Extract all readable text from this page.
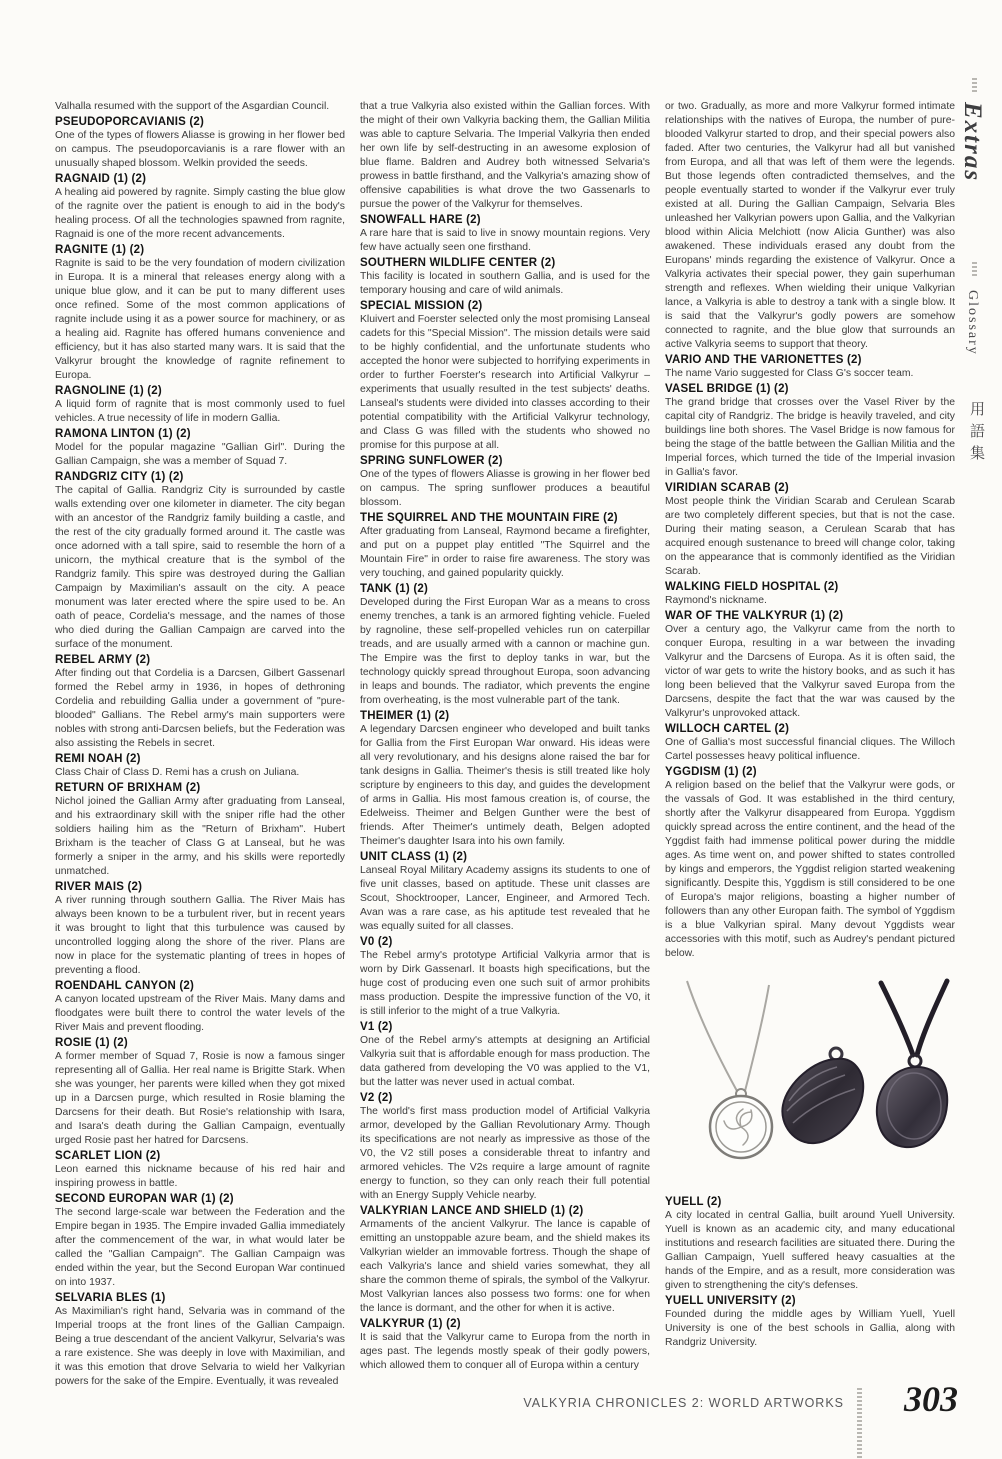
Valhalla resumed with the support of the Asgardian Council.

PSEUDOPORCAVIANIS (2)

One of the types of flowers Aliasse is growing in her flower bed on campus. The pseudoporcavianis is a rare flower with an unusually shaped blossom. Welkin provided the seeds.

RAGNAID (1) (2)

A healing aid powered by ragnite. Simply casting the blue glow of the ragnite over the patient is enough to aid in the body's healing process. Of all the technologies spawned from ragnite, Ragnaid is one of the more recent advancements.

RAGNITE (1) (2)

Ragnite is said to be the very foundation of modern civilization in Europa. It is a mineral that releases energy along with a unique blue glow, and it can be put to many different uses once refined. Some of the most common applications of ragnite include using it as a power source for machinery, or as a healing aid. Ragnite has offered humans convenience and efficiency, but it has also started many wars. It is said that the Valkyrur brought the knowledge of ragnite refinement to Europa.

RAGNOLINE (1) (2)

A liquid form of ragnite that is most commonly used to fuel vehicles. A true necessity of life in modern Gallia.

RAMONA LINTON (1) (2)

Model for the popular magazine "Gallian Girl". During the Gallian Campaign, she was a member of Squad 7.

RANDGRIZ CITY (1) (2)

The capital of Gallia. Randgriz City is surrounded by castle walls extending over one kilometer in diameter. The city began with an ancestor of the Randgriz family building a castle, and the rest of the city gradually formed around it. The castle was once adorned with a tall spire, said to resemble the horn of a unicorn, the mythical creature that is the symbol of the Randgriz family. This spire was destroyed during the Gallian Campaign by Maximilian's assault on the city. A peace monument was later erected where the spire used to be. An oath of peace, Cordelia's message, and the names of those who died during the Gallian Campaign are carved into the surface of the monument.

REBEL ARMY (2)

After finding out that Cordelia is a Darcsen, Gilbert Gassenarl formed the Rebel army in 1936, in hopes of dethroning Cordelia and rebuilding Gallia under a government of "pure-blooded" Gallians. The Rebel army's main supporters were nobles with strong anti-Darcsen beliefs, but the Federation was also assisting the Rebels in secret.

REMI NOAH (2)

Class Chair of Class D. Remi has a crush on Juliana.

RETURN OF BRIXHAM (2)

Nichol joined the Gallian Army after graduating from Lanseal, and his extraordinary skill with the sniper rifle had the other soldiers hailing him as the "Return of Brixham". Hubert Brixham is the teacher of Class G at Lanseal, but he was formerly a sniper in the army, and his skills were reportedly unmatched.

RIVER MAIS (2)

A river running through southern Gallia. The River Mais has always been known to be a turbulent river, but in recent years it was brought to light that this turbulence was caused by uncontrolled logging along the shore of the river. Plans are now in place for the systematic planting of trees in hopes of preventing a flood.

ROENDAHL CANYON (2)

A canyon located upstream of the River Mais. Many dams and floodgates were built there to control the water levels of the River Mais and prevent flooding.

ROSIE (1) (2)

A former member of Squad 7, Rosie is now a famous singer representing all of Gallia. Her real name is Brigitte Stark. When she was younger, her parents were killed when they got mixed up in a Darcsen purge, which resulted in Rosie blaming the Darcsens for their death. But Rosie's relationship with Isara, and Isara's death during the Gallian Campaign, eventually urged Rosie past her hatred for Darcsens.

SCARLET LION (2)

Leon earned this nickname because of his red hair and inspiring prowess in battle.

SECOND EUROPAN WAR (1) (2)

The second large-scale war between the Federation and the Empire began in 1935. The Empire invaded Gallia immediately after the commencement of the war, in what would later be called the "Gallian Campaign". The Gallian Campaign was ended within the year, but the Second Europan War continued on into 1937.

SELVARIA BLES (1)

As Maximilian's right hand, Selvaria was in command of the Imperial troops at the front lines of the Gallian Campaign. Being a true descendant of the ancient Valkyrur, Selvaria's was a rare existence. She was deeply in love with Maximilian, and it was this emotion that drove Selvaria to wield her Valkyrian powers for the sake of the Empire. Eventually, it was revealed

that a true Valkyria also existed within the Gallian forces. With the might of their own Valkyria backing them, the Gallian Militia was able to capture Selvaria. The Imperial Valkyria then ended her own life by self-destructing in an awesome explosion of blue flame. Baldren and Audrey both witnessed Selvaria's prowess in battle firsthand, and the Valkyria's amazing show of offensive capabilities is what drove the two Gassenarls to pursue the power of the Valkyrur for themselves.

SNOWFALL HARE (2)

A rare hare that is said to live in snowy mountain regions. Very few have actually seen one firsthand.

SOUTHERN WILDLIFE CENTER (2)

This facility is located in southern Gallia, and is used for the temporary housing and care of wild animals.

SPECIAL MISSION (2)

Kluivert and Foerster selected only the most promising Lanseal cadets for this "Special Mission". The mission details were said to be highly confidential, and the unfortunate students who accepted the honor were subjected to horrifying experiments in order to further Foerster's research into Artificial Valkyrur – experiments that usually resulted in the test subjects' deaths. Lanseal's students were divided into classes according to their potential compatibility with the Artificial Valkyrur technology, and Class G was filled with the students who showed no promise for this purpose at all.

SPRING SUNFLOWER (2)

One of the types of flowers Aliasse is growing in her flower bed on campus. The spring sunflower produces a beautiful blossom.

THE SQUIRREL AND THE MOUNTAIN FIRE (2)

After graduating from Lanseal, Raymond became a firefighter, and put on a puppet play entitled "The Squirrel and the Mountain Fire" in order to raise fire awareness. The story was very touching, and gained popularity quickly.

TANK (1) (2)

Developed during the First Europan War as a means to cross enemy trenches, a tank is an armored fighting vehicle. Fueled by ragnoline, these self-propelled vehicles run on caterpillar treads, and are usually armed with a cannon or machine gun. The Empire was the first to deploy tanks in war, but the technology quickly spread throughout Europa, soon advancing in leaps and bounds. The radiator, which prevents the engine from overheating, is the most vulnerable part of the tank.

THEIMER (1) (2)

A legendary Darcsen engineer who developed and built tanks for Gallia from the First Europan War onward. His ideas were all very revolutionary, and his designs alone raised the bar for tank designs in Gallia. Theimer's thesis is still treated like holy scripture by engineers to this day, and guides the development of arms in Gallia. His most famous creation is, of course, the Edelweiss. Theimer and Belgen Gunther were the best of friends. After Theimer's untimely death, Belgen adopted Theimer's daughter Isara into his own family.

UNIT CLASS (1) (2)

Lanseal Royal Military Academy assigns its students to one of five unit classes, based on aptitude. These unit classes are Scout, Shocktrooper, Lancer, Engineer, and Armored Tech. Avan was a rare case, as his aptitude test revealed that he was equally suited for all classes.

V0 (2)

The Rebel army's prototype Artificial Valkyria armor that is worn by Dirk Gassenarl. It boasts high specifications, but the huge cost of producing even one such suit of armor prohibits mass production. Despite the impressive function of the V0, it is still inferior to the might of a true Valkyria.

V1 (2)

One of the Rebel army's attempts at designing an Artificial Valkyria suit that is affordable enough for mass production. The data gathered from developing the V0 was applied to the V1, but the latter was never used in actual combat.

V2 (2)

The world's first mass production model of Artificial Valkyria armor, developed by the Gallian Revolutionary Army. Though its specifications are not nearly as impressive as those of the V0, the V2 still poses a considerable threat to infantry and armored vehicles. The V2s require a large amount of ragnite energy to function, so they can only reach their full potential with an Energy Supply Vehicle nearby.

VALKYRIAN LANCE AND SHIELD (1) (2)

Armaments of the ancient Valkyrur. The lance is capable of emitting an unstoppable azure beam, and the shield makes its Valkyrian wielder an immovable fortress. Though the shape of each Valkyria's lance and shield varies somewhat, they all share the common theme of spirals, the symbol of the Valkyrur. Most Valkyrian lances also possess two forms: one for when the lance is dormant, and the other for when it is active.

VALKYRUR (1) (2)

It is said that the Valkyrur came to Europa from the north in ages past. The legends mostly speak of their godly powers, which allowed them to conquer all of Europa within a century

or two. Gradually, as more and more Valkyrur formed intimate relationships with the natives of Europa, the number of pure-blooded Valkyrur started to drop, and their special powers also faded. After two centuries, the Valkyrur had all but vanished from Europa, and all that was left of them were the legends. But those legends often contradicted themselves, and the people eventually started to wonder if the Valkyrur ever truly existed at all. During the Gallian Campaign, Selvaria Bles unleashed her Valkyrian powers upon Gallia, and the Valkyrian blood within Alicia Melchiott (now Alicia Gunther) was also awakened. These individuals erased any doubt from the Europans' minds regarding the existence of Valkyrur. Once a Valkyria activates their special power, they gain superhuman strength and reflexes. When wielding their unique Valkyrian lance, a Valkyria is able to destroy a tank with a single blow. It is said that the Valkyrur's godly powers are somehow connected to ragnite, and the blue glow that surrounds an active Valkyria seems to support that theory.

VARIO AND THE VARIONETTES (2)

The name Vario suggested for Class G's soccer team.

VASEL BRIDGE (1) (2)

The grand bridge that crosses over the Vasel River by the capital city of Randgriz. The bridge is heavily traveled, and city buildings line both shores. The Vasel Bridge is now famous for being the stage of the battle between the Gallian Militia and the Imperial forces, which turned the tide of the Imperial invasion in Gallia's favor.

VIRIDIAN SCARAB (2)

Most people think the Viridian Scarab and Cerulean Scarab are two completely different species, but that is not the case. During their mating season, a Cerulean Scarab that has acquired enough sustenance to breed will change color, taking on the appearance that is commonly identified as the Viridian Scarab.

WALKING FIELD HOSPITAL (2)

Raymond's nickname.

WAR OF THE VALKYRUR (1) (2)

Over a century ago, the Valkyrur came from the north to conquer Europa, resulting in a war between the invading Valkyrur and the Darcsens of Europa. As it is often said, the victor of war gets to write the history books, and as such it has long been believed that the Valkyrur saved Europa from the Darcsens, despite the fact that the war was caused by the Valkyrur's unprovoked attack.

WILLOCH CARTEL (2)

One of Gallia's most successful financial cliques. The Willoch Cartel possesses heavy political influence.

YGGDISM (1) (2)

A religion based on the belief that the Valkyrur were gods, or the vassals of God. It was established in the third century, shortly after the Valkyrur disappeared from Europa. Yggdism quickly spread across the entire continent, and the head of the Yggdist faith had immense political power during the middle ages. As time went on, and power shifted to states controlled by kings and emperors, the Yggdist religion started weakening significantly. Despite this, Yggdism is still considered to be one of Europa's major religions, boasting a higher number of followers than any other Europan faith. The symbol of Yggdism is a blue Valkyrian spiral. Many devout Yggdists wear accessories with this motif, such as Audrey's pendant pictured below.

YUELL (2)

A city located in central Gallia, built around Yuell University. Yuell is known as an academic city, and many educational institutions and research facilities are situated there. During the Gallian Campaign, Yuell suffered heavy casualties at the hands of the Empire, and as a result, more consideration was given to strengthening the city's defenses.

YUELL UNIVERSITY (2)

Founded during the middle ages by William Yuell, Yuell University is one of the best schools in Gallia, along with Randgriz University.

Extras
Glossary
用語集
VALKYRIA CHRONICLES 2: WORLD ARTWORKS 303
